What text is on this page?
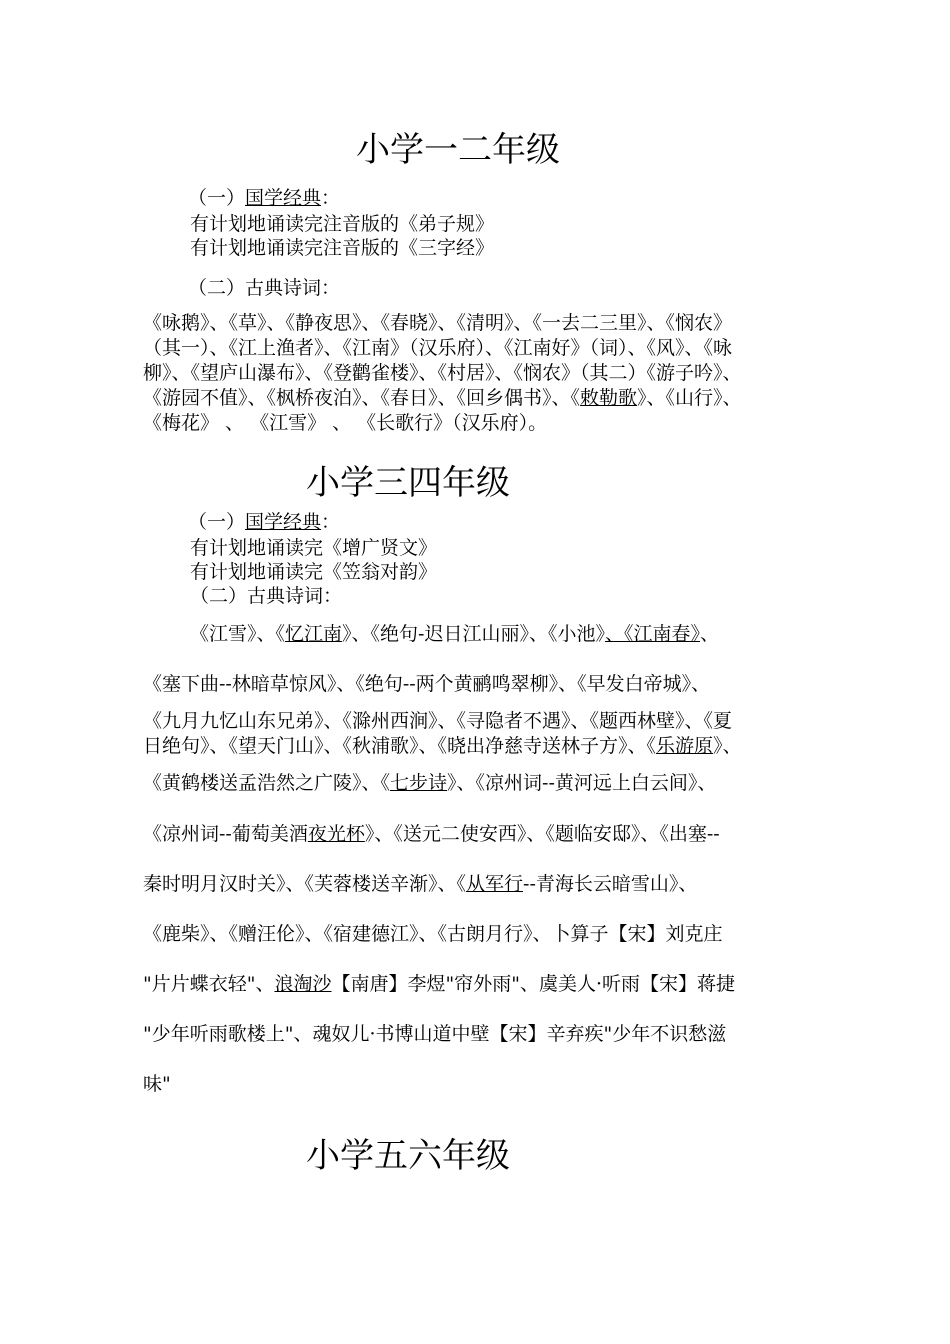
小学一二年级
（一）国学经典：
有计划地诵读完注音版的《弟子规》
有计划地诵读完注音版的《三字经》
（二）古典诗词：
《咏鹅》、《草》、《静夜思》、《春晓》、《清明》、《一去二三里》、《悯农》
（其一）、《江上渔者》、《江南》（汉乐府）、《江南好》（词）、《风》、《咏
柳》、《望庐山瀑布》、《登鹳雀楼》、《村居》、《悯农》（其二）《游子吟》、
《游园不值》、《枫桥夜泊》、《春日》、《回乡偶书》、《敕勒歌》、《山行》、
《梅花》 、 《江雪》 、 《长歌行》（汉乐府）。
小学三四年级
（一）国学经典：
有计划地诵读完《增广贤文》
有计划地诵读完《笠翁对韵》
（二）古典诗词：
《江雪》、《忆江南》、《绝句-迟日江山丽》、《小池》、《江南春》、
《塞下曲--林暗草惊风》、《绝句--两个黄鹂鸣翠柳》、《早发白帝城》、
《九月九忆山东兄弟》、《滁州西涧》、《寻隐者不遇》、《题西林壁》、《夏
日绝句》、《望天门山》、《秋浦歌》、《晓出净慈寺送林子方》、《乐游原》、
《黄鹤楼送孟浩然之广陵》、《七步诗》、《凉州词--黄河远上白云间》、
《凉州词--葡萄美酒夜光杯》、《送元二使安西》、《题临安邸》、《出塞--
秦时明月汉时关》、《芙蓉楼送辛渐》、《从军行--青海长云暗雪山》、
《鹿柴》、《赠汪伦》、《宿建德江》、《古朗月行》、卜算子【宋】刘克庄
"片片蝶衣轻"、浪淘沙【南唐】李煜"帘外雨"、虞美人·听雨【宋】蒋捷
"少年听雨歌楼上"、魂奴儿·书博山道中壁【宋】辛弃疾"少年不识愁滋
味"
小学五六年级
